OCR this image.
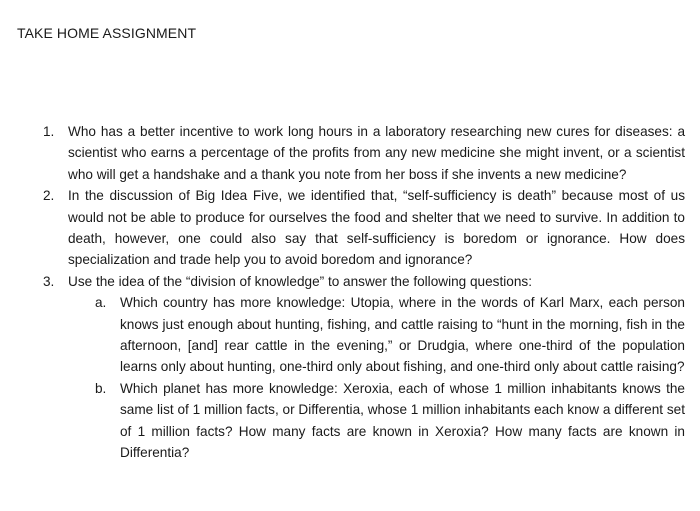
TAKE HOME ASSIGNMENT
1. Who has a better incentive to work long hours in a laboratory researching new cures for diseases: a scientist who earns a percentage of the profits from any new medicine she might invent, or a scientist who will get a handshake and a thank you note from her boss if she invents a new medicine?
2. In the discussion of Big Idea Five, we identified that, “self-sufficiency is death” because most of us would not be able to produce for ourselves the food and shelter that we need to survive. In addition to death, however, one could also say that self-sufficiency is boredom or ignorance. How does specialization and trade help you to avoid boredom and ignorance?
3. Use the idea of the “division of knowledge” to answer the following questions:
a. Which country has more knowledge: Utopia, where in the words of Karl Marx, each person knows just enough about hunting, fishing, and cattle raising to “hunt in the morning, fish in the afternoon, [and] rear cattle in the evening,” or Drudgia, where one-third of the population learns only about hunting, one-third only about fishing, and one-third only about cattle raising?
b. Which planet has more knowledge: Xeroxia, each of whose 1 million inhabitants knows the same list of 1 million facts, or Differentia, whose 1 million inhabitants each know a different set of 1 million facts? How many facts are known in Xeroxia? How many facts are known in Differentia?
